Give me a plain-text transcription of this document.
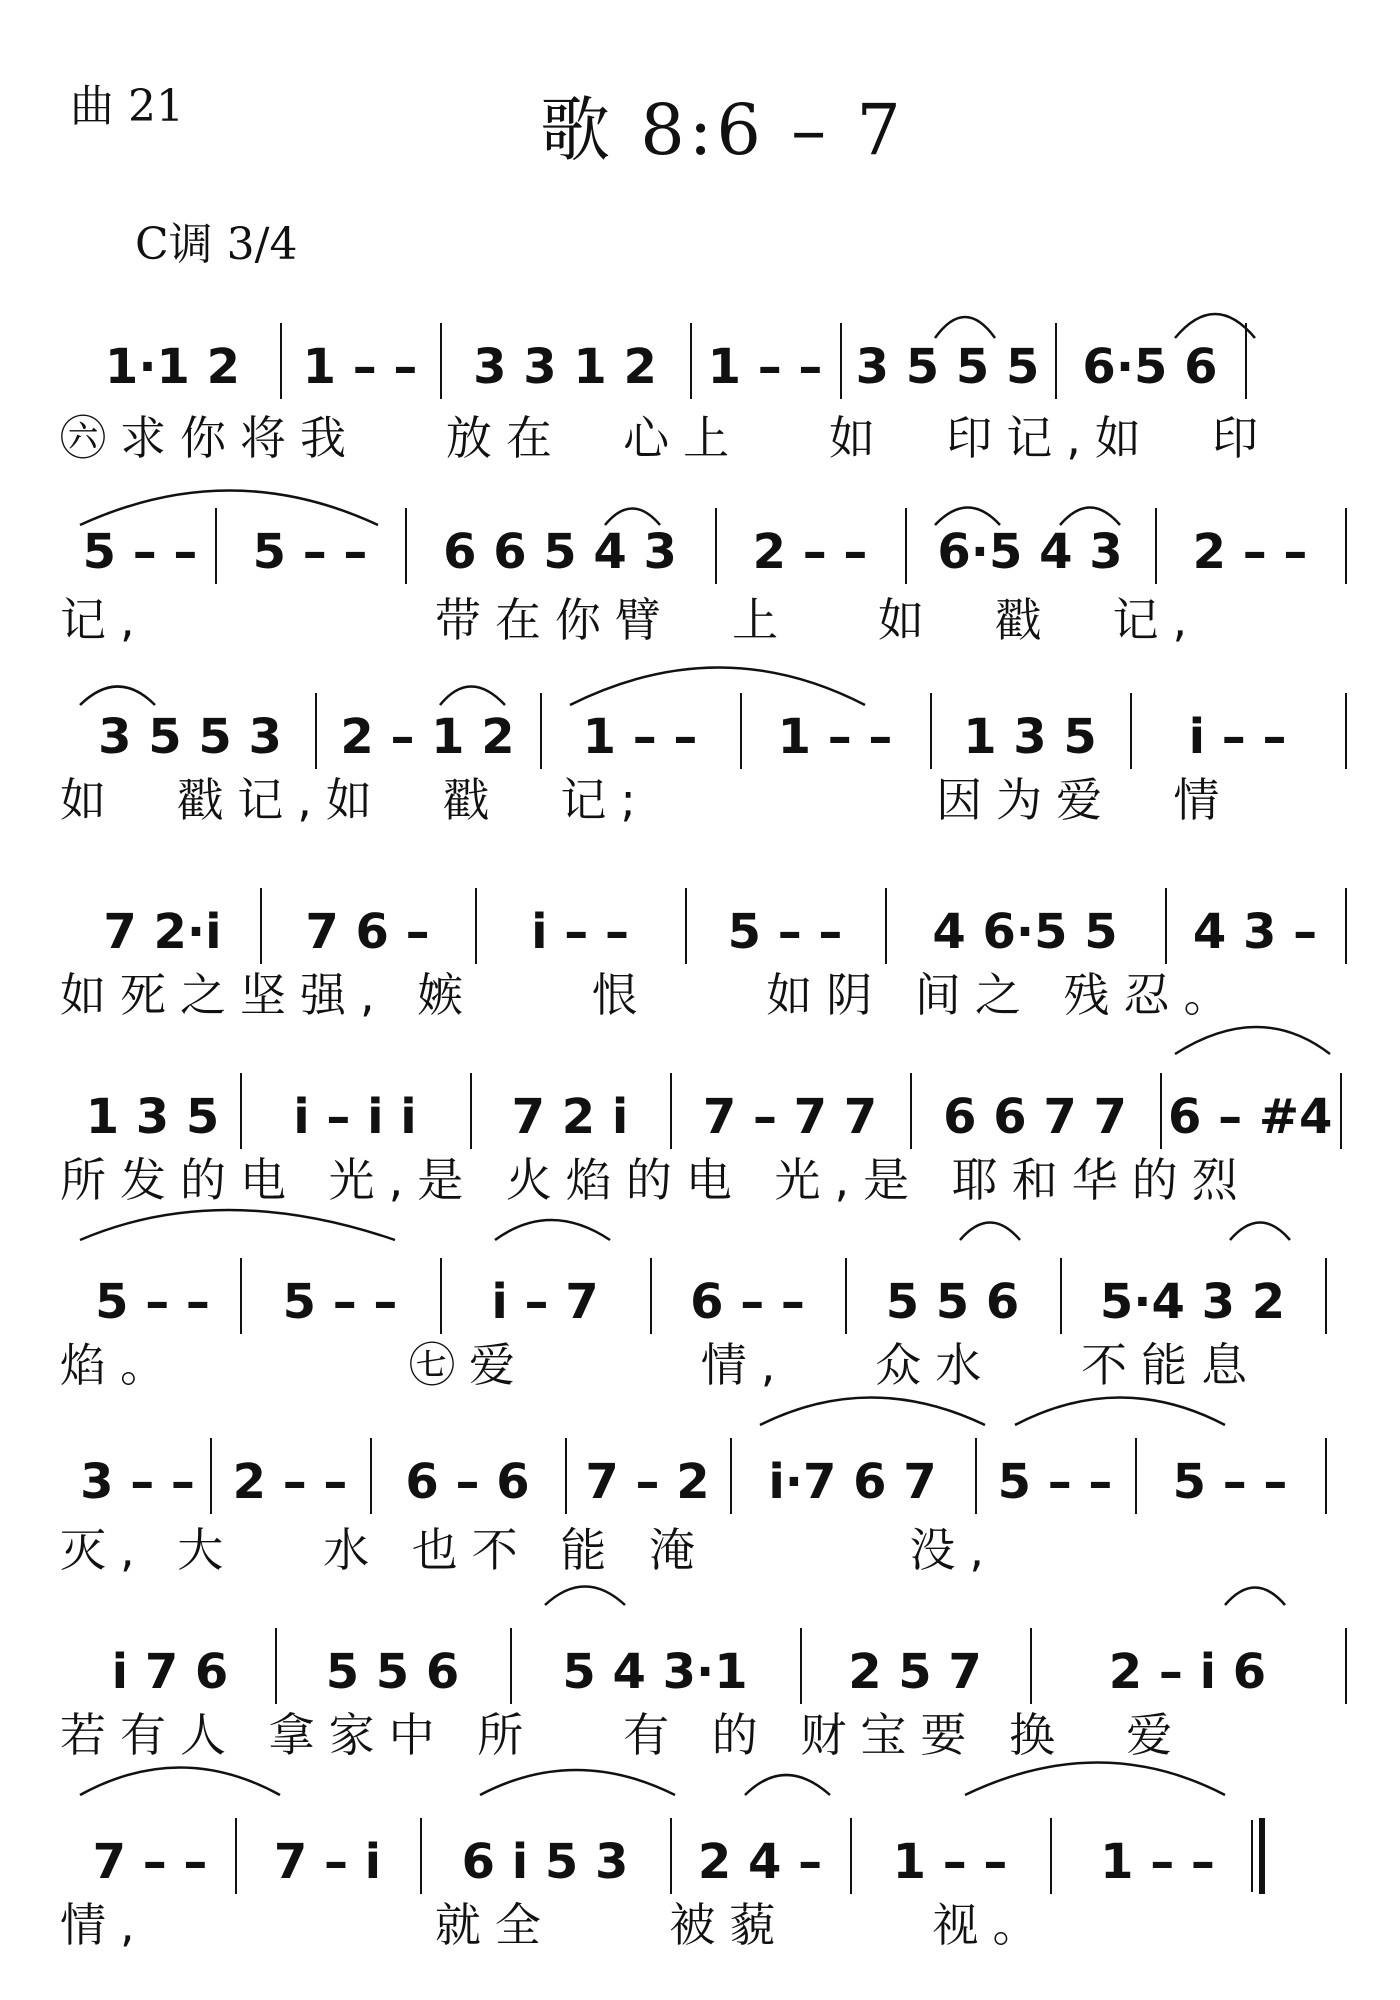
曲 21	歌 8:6 – 7
C调 3/4
1·1 2 1 – – 3 3 1 2 1 – – 3 5 5 5 6·5 6
㊅求你将我   放在  心上   如  印记,如  印
5 – – 5 – – 6 6 5 4 3 2 – – 6·5 4 3 2 – –
记,          带在你臂  上   如  戳  记,
3 5 5 3 2 – 1 2 1 – – 1 – – 1 3 5 i – –
如  戳记,如  戳  记;          因为爱  情
7 2·i 7 6 – i – – 5 – – 4 6·5 5 4 3 –
如死之坚强, 嫉    恨    如阴 间之 残忍。
1 3 5 i – i i 7 2 i 7 – 7 7 6 6 7 7 6 – #4
所发的电 光,是 火焰的电 光,是 耶和华的烈
5 – – 5 – – i – 7 6 – – 5 5 6 5·4 3 2
焰。        ㊆爱      情,   众水   不能息
3 – – 2 – – 6 – 6 7 – 2 i·7 6 7 5 – – 5 – –
灭, 大   水 也不 能 淹       没,
i 7 6 5 5 6 5 4 3·1 2 5 7	2 – i 6
若有人 拿家中 所   有 的 财宝要 换  爱
7 – – 7 – i 6 i 5 3 2 4 – 1 – – 1 – –
情,          就全    被藐     视。
